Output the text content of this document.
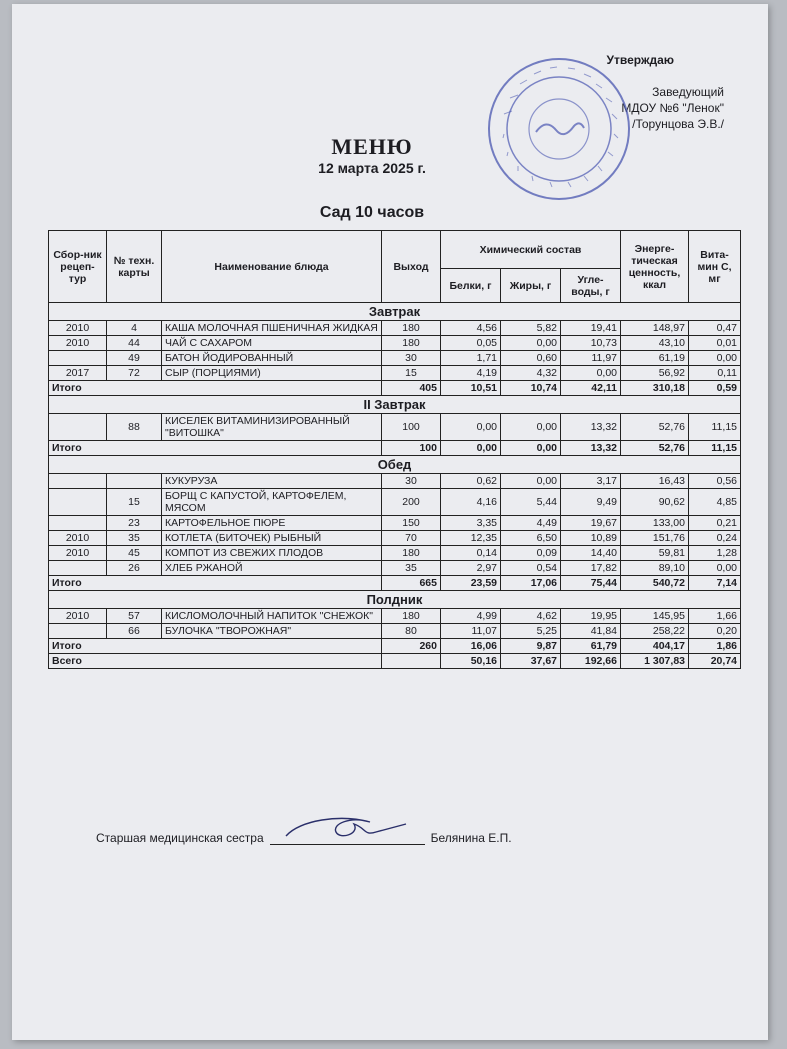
Утверждаю
Заведующий
МДОУ №6 "Ленок"
/Торунцова Э.В./
МЕНЮ
12 марта 2025 г.
Сад 10 часов
Сбор-ник рецеп-тур	№ техн. карты	Наименование блюда	Выход	Химический состав			Энерге-тическая ценность, ккал	Вита-мин С, мг
				Белки, г	Жиры, г	Угле-воды, г		
Завтрак								
2010	4	КАША МОЛОЧНАЯ ПШЕНИЧНАЯ ЖИДКАЯ	180	4,56	5,82	19,41	148,97	0,47
2010	44	ЧАЙ С САХАРОМ	180	0,05	0,00	10,73	43,10	0,01
	49	БАТОН ЙОДИРОВАННЫЙ	30	1,71	0,60	11,97	61,19	0,00
2017	72	СЫР (ПОРЦИЯМИ)	15	4,19	4,32	0,00	56,92	0,11
Итого			405	10,51	10,74	42,11	310,18	0,59
II Завтрак								
	88	КИСЕЛЕК ВИТАМИНИЗИРОВАННЫЙ "ВИТОШКА"	100	0,00	0,00	13,32	52,76	11,15
Итого			100	0,00	0,00	13,32	52,76	11,15
Обед								
		КУКУРУЗА	30	0,62	0,00	3,17	16,43	0,56
	15	БОРЩ С КАПУСТОЙ, КАРТОФЕЛЕМ, МЯСОМ	200	4,16	5,44	9,49	90,62	4,85
	23	КАРТОФЕЛЬНОЕ ПЮРЕ	150	3,35	4,49	19,67	133,00	0,21
2010	35	КОТЛЕТА (БИТОЧЕК) РЫБНЫЙ	70	12,35	6,50	10,89	151,76	0,24
2010	45	КОМПОТ ИЗ СВЕЖИХ ПЛОДОВ	180	0,14	0,09	14,40	59,81	1,28
	26	ХЛЕБ РЖАНОЙ	35	2,97	0,54	17,82	89,10	0,00
Итого			665	23,59	17,06	75,44	540,72	7,14
Полдник								
2010	57	КИСЛОМОЛОЧНЫЙ НАПИТОК "СНЕЖОК"	180	4,99	4,62	19,95	145,95	1,66
	66	БУЛОЧКА "ТВОРОЖНАЯ"	80	11,07	5,25	41,84	258,22	0,20
Итого			260	16,06	9,87	61,79	404,17	1,86
Всего				50,16	37,67	192,66	1 307,83	20,74
Старшая медицинская сестра	Белянина Е.П.
